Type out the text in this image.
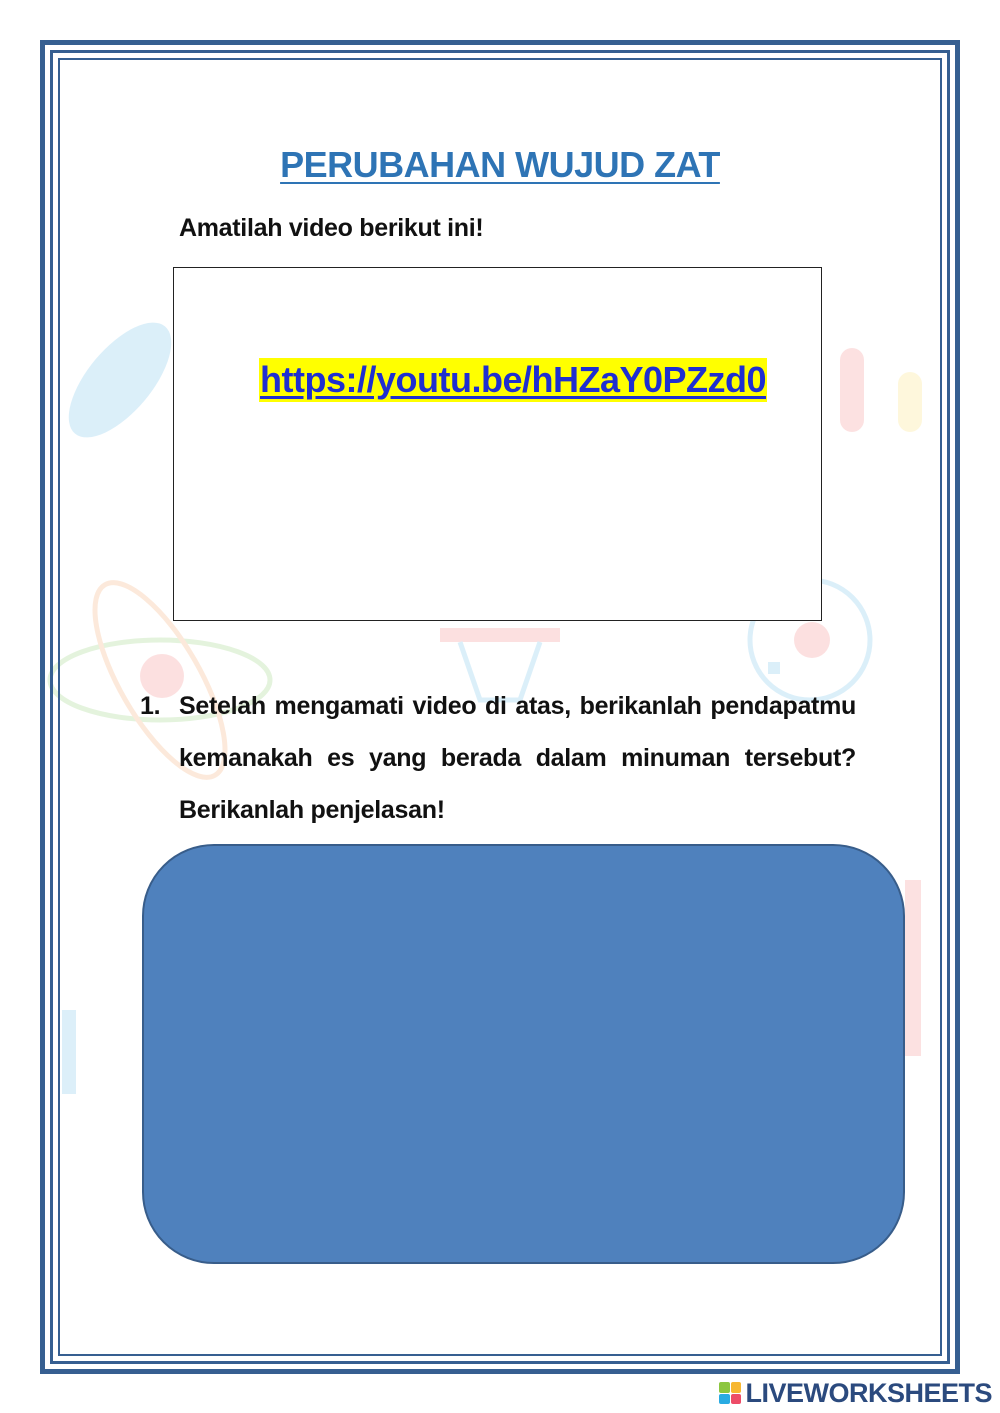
PERUBAHAN WUJUD ZAT
Amatilah video berikut ini!
https://youtu.be/hHZaY0PZzd0
1. Setelah mengamati video di atas, berikanlah pendapatmu kemanakah es yang berada dalam minuman tersebut? Berikanlah penjelasan!
LIVEWORKSHEETS
